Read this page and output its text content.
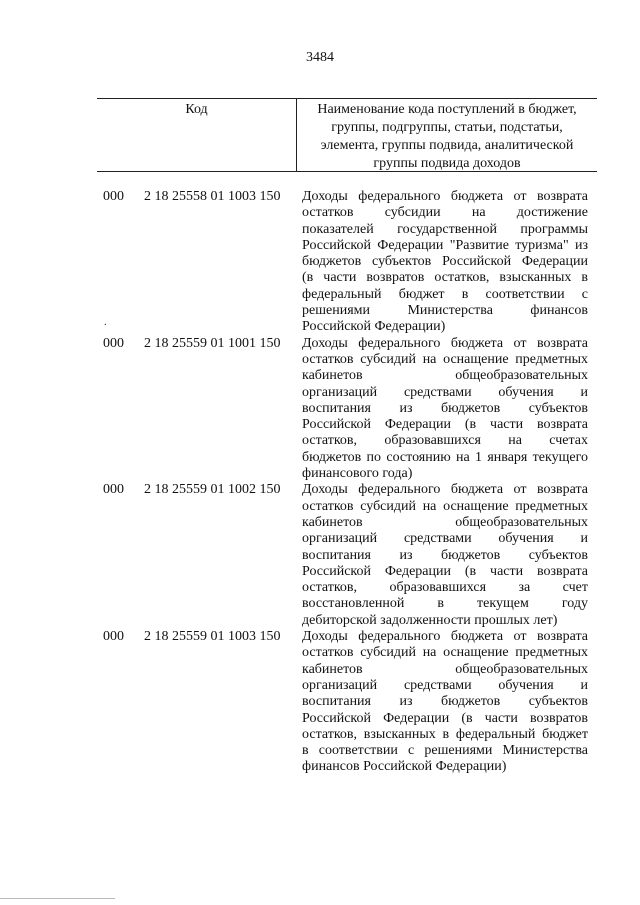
3484
Код	Наименование кода поступлений в бюджет, группы, подгруппы, статьи, подстатьи, элемента, группы подвида, аналитической группы подвида доходов
000 2 18 25558 01 1003 150 Доходы федерального бюджета от возврата
остатков субсидии на достижение
показателей государственной программы
Российской Федерации "Развитие туризма" из
бюджетов субъектов Российской Федерации
(в части возвратов остатков, взысканных в
федеральный бюджет в соответствии с
решениями Министерства финансов
Российской Федерации)
000 2 18 25559 01 1001 150 Доходы федерального бюджета от возврата
остатков субсидий на оснащение предметных
кабинетов общеобразовательных
организаций средствами обучения и
воспитания из бюджетов субъектов
Российской Федерации (в части возврата
остатков, образовавшихся на счетах
бюджетов по состоянию на 1 января текущего
финансового года)
000 2 18 25559 01 1002 150 Доходы федерального бюджета от возврата
остатков субсидий на оснащение предметных
кабинетов общеобразовательных
организаций средствами обучения и
воспитания из бюджетов субъектов
Российской Федерации (в части возврата
остатков, образовавшихся за счет
восстановленной в текущем году
дебиторской задолженности прошлых лет)
000 2 18 25559 01 1003 150 Доходы федерального бюджета от возврата
остатков субсидий на оснащение предметных
кабинетов общеобразовательных
организаций средствами обучения и
воспитания из бюджетов субъектов
Российской Федерации (в части возвратов
остатков, взысканных в федеральный бюджет
в соответствии с решениями Министерства
финансов Российской Федерации)
.
